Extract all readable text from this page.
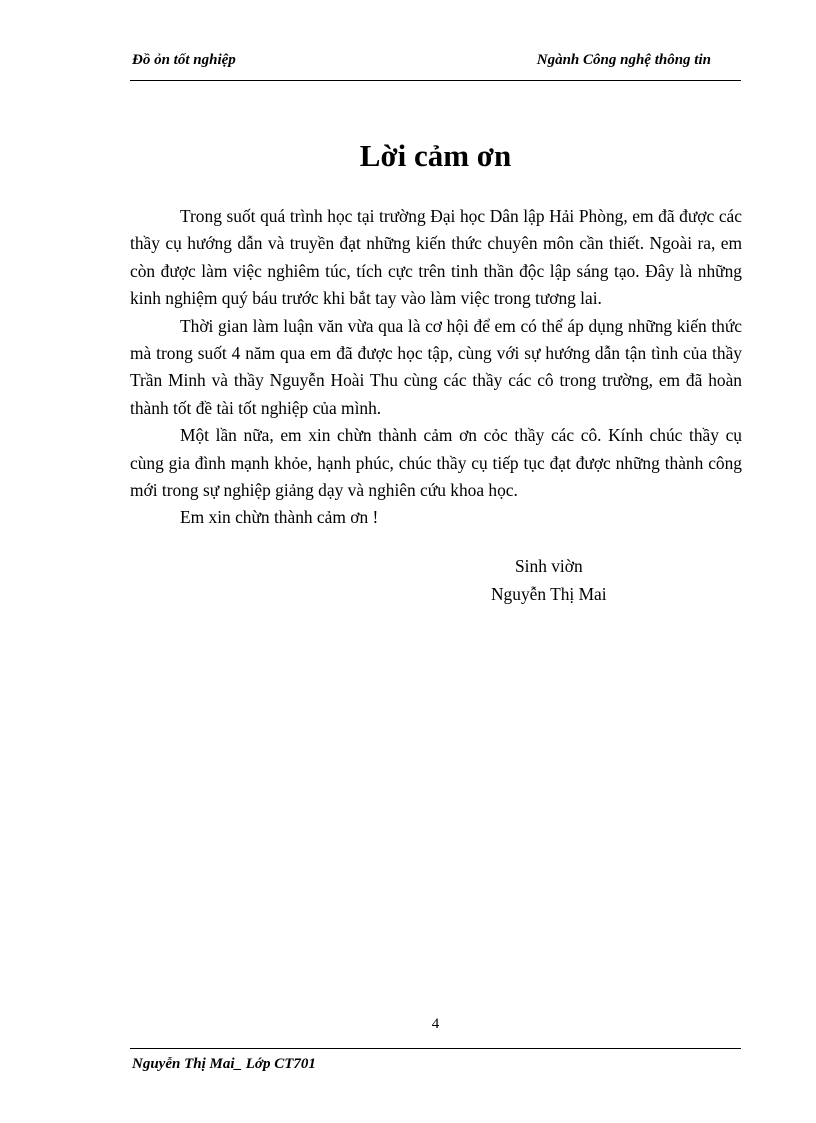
Đồ ỏn tốt nghiệp	Ngành Công nghệ thông tin
Lời cảm ơn

Trong suốt quá trình học tại trường Đại học Dân lập Hải Phòng, em đã được các thầy cụ hướng dẫn và truyền đạt những kiến thức chuyên môn cần thiết. Ngoài ra, em còn được làm việc nghiêm túc, tích cực trên tinh thần độc lập sáng tạo. Đây là những kinh nghiệm quý báu trước khi bắt tay vào làm việc trong tương lai.

Thời gian làm luận văn vừa qua là cơ hội để em có thể áp dụng những kiến thức mà trong suốt 4 năm qua em đã được học tập, cùng với sự hướng dẫn tận tình của thầy Trần Minh và thầy Nguyễn Hoài Thu cùng các thầy các cô trong trường, em đã hoàn thành tốt đề tài tốt nghiệp của mình.

Một lần nữa, em xin chừn thành cảm ơn cỏc thầy các cô. Kính chúc thầy cụ cùng gia đình mạnh khỏe, hạnh phúc, chúc thầy cụ tiếp tục đạt được những thành công mới trong sự nghiệp giảng dạy và nghiên cứu khoa học.

Em xin chừn thành cảm ơn !

Sinh viờn
Nguyễn Thị Mai
4
Nguyễn Thị Mai_ Lớp CT701
